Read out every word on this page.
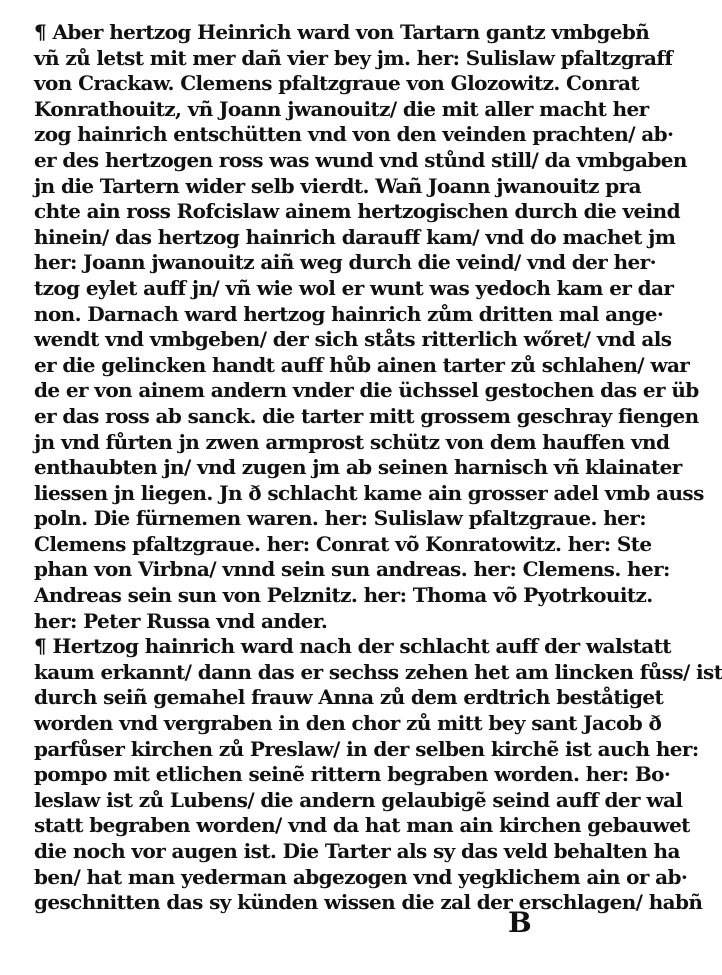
¶ Aber hertzog Heinrich ward von Tartarn gantz vmbgebñ
vñ zů letst mit mer dañ vier bey jm. her: Sulislaw pfaltzgraff
von Crackaw. Clemens pfaltzgraue von Glozowitz. Conrat
Konrathouitz, vñ Joann jwanouitz/ die mit aller macht her
zog hainrich entschütten vnd von den veinden prachten/ ab·
er des hertzogen ross was wund vnd stůnd still/ da vmbgaben
jn die Tartern wider selb vierdt. Wañ Joann jwanouitz pra
chte ain ross Rofcislaw ainem hertzogischen durch die veind
hinein/ das hertzog hainrich darauff kam/ vnd do machet jm
her: Joann jwanouitz aiñ weg durch die veind/ vnd der her·
tzog eylet auff jn/ vñ wie wol er wunt was yedoch kam er dar
non. Darnach ward hertzog hainrich zům dritten mal ange·
wendt vnd vmbgeben/ der sich ståts ritterlich wőret/ vnd als
er die gelincken handt auff hůb ainen tarter zů schlahen/ war
de er von ainem andern vnder die üchssel gestochen das er üb
er das ross ab sanck. die tarter mitt grossem geschray fiengen
jn vnd fůrten jn zwen armprost schütz von dem hauffen vnd
enthaubten jn/ vnd zugen jm ab seinen harnisch vñ klainater
liessen jn liegen. Jn ð schlacht kame ain grosser adel vmb auss
poln. Die fürnemen waren. her: Sulislaw pfaltzgraue. her:
Clemens pfaltzgraue. her: Conrat võ Konratowitz. her: Ste
phan von Virbna/ vnnd sein sun andreas. her: Clemens. her:
Andreas sein sun von Pelznitz. her: Thoma võ Pyotrkouitz.
her: Peter Russa vnd ander.
¶ Hertzog hainrich ward nach der schlacht auff der walstatt
kaum erkannt/ dann das er sechss zehen het am lincken fůss/ ist
durch seiñ gemahel frauw Anna zů dem erdtrich beståtiget
worden vnd vergraben in den chor zů mitt bey sant Jacob ð
parfůser kirchen zů Preslaw/ in der selben kirchẽ ist auch her:
pompo mit etlichen seinẽ rittern begraben worden. her: Bo·
leslaw ist zů Lubens/ die andern gelaubigẽ seind auff der wal
statt begraben worden/ vnd da hat man ain kirchen gebauwet
die noch vor augen ist. Die Tarter als sy das veld behalten ha
ben/ hat man yederman abgezogen vnd yegklichem ain or ab·
geschnitten das sy künden wissen die zal der erschlagen/ habñ
B
